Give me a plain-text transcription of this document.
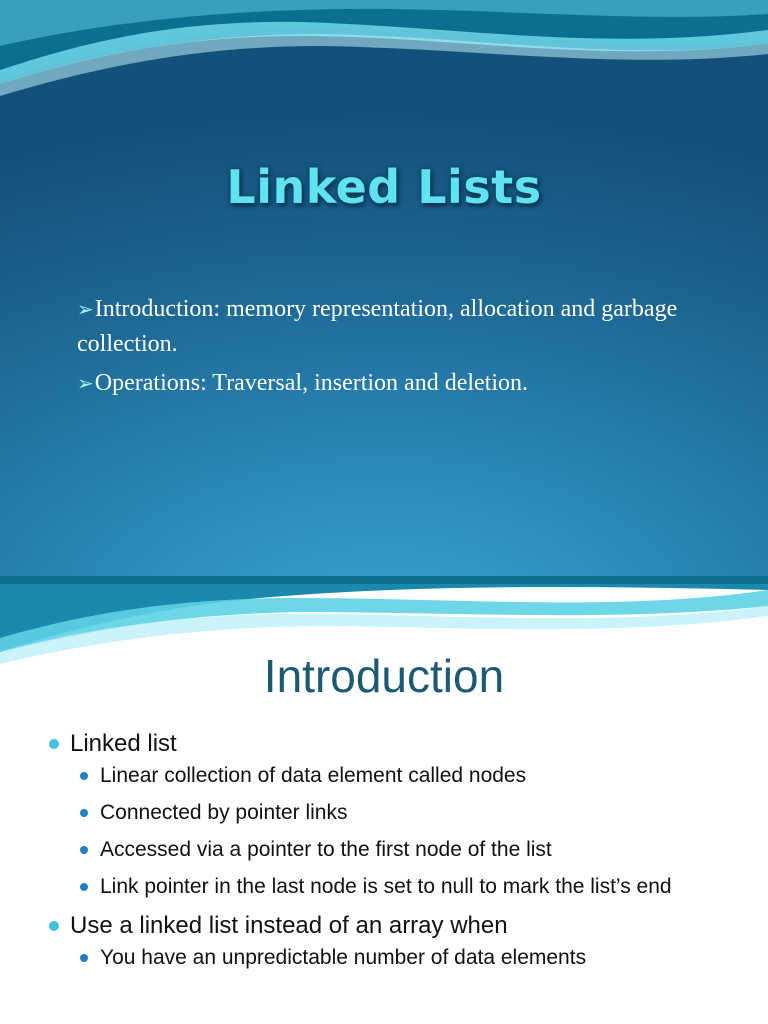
Linked Lists
➢Introduction: memory representation, allocation and garbage collection.
➢Operations: Traversal, insertion and deletion.
Introduction
Linked list
Linear collection of data element called nodes
Connected by pointer links
Accessed via a pointer to the first node of the list
Link pointer in the last node is set to null to mark the list’s end
Use a linked list instead of an array when
You have an unpredictable number of data elements
